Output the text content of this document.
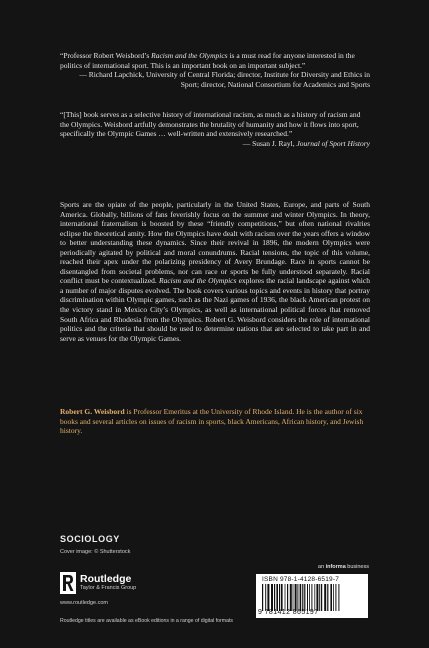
“Professor Robert Weisbord’s Racism and the Olympics is a must read for anyone interested in the politics of international sport. This is an important book on an important subject.”
— Richard Lapchick, University of Central Florida; director, Institute for Diversity and Ethics in Sport; director, National Consortium for Academics and Sports
“[This] book serves as a selective history of international racism, as much as a history of racism and the Olympics. Weisbord artfully demonstrates the brutality of humanity and how it flows into sport, specifically the Olympic Games … well-written and extensively researched.”
— Susan J. Rayl, Journal of Sport History
Sports are the opiate of the people, particularly in the United States, Europe, and parts of South America. Globally, billions of fans feverishly focus on the summer and winter Olympics. In theory, international fraternalism is boosted by these “friendly competitions,” but often national rivalries eclipse the theoretical amity. How the Olympics have dealt with racism over the years offers a window to better understanding these dynamics. Since their revival in 1896, the modern Olympics were periodically agitated by political and moral conundrums. Racial tensions, the topic of this volume, reached their apex under the polarizing presidency of Avery Brundage. Race in sports cannot be disentangled from societal problems, nor can race or sports be fully understood separately. Racial conflict must be contextualized. Racism and the Olympics explores the racial landscape against which a number of major disputes evolved. The book covers various topics and events in history that portray discrimination within Olympic games, such as the Nazi games of 1936, the black American protest on the victory stand in Mexico City’s Olympics, as well as international political forces that removed South Africa and Rhodesia from the Olympics. Robert G. Weisbord considers the role of international politics and the criteria that should be used to determine nations that are selected to take part in and serve as venues for the Olympic Games.
Robert G. Weisbord is Professor Emeritus at the University of Rhode Island. He is the author of six books and several articles on issues of racism in sports, black Americans, African history, and Jewish history.
SOCIOLOGY
Cover image: © Shutterstock
Routledge
Taylor & Francis Group
www.routledge.com
an informa business
ISBN 978-1-4128-6519-7
9 781412 865197
Routledge titles are available as eBook editions in a range of digital formats
